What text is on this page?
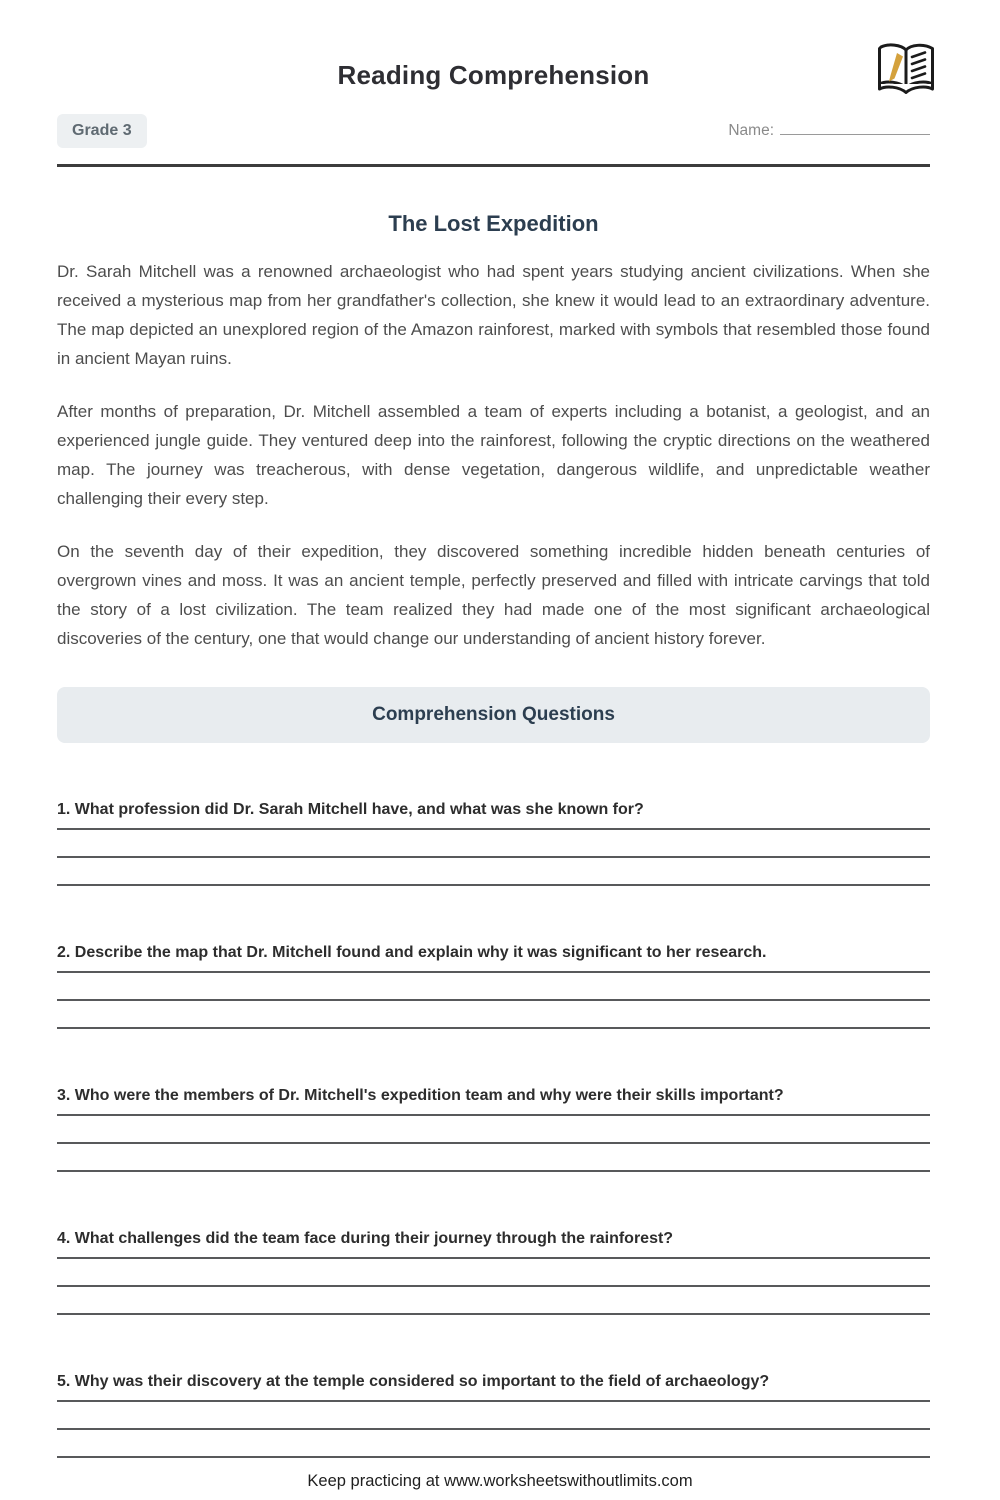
Reading Comprehension
Grade 3	Name:
The Lost Expedition

Dr. Sarah Mitchell was a renowned archaeologist who had spent years studying ancient civilizations. When she received a mysterious map from her grandfather's collection, she knew it would lead to an extraordinary adventure. The map depicted an unexplored region of the Amazon rainforest, marked with symbols that resembled those found in ancient Mayan ruins.

After months of preparation, Dr. Mitchell assembled a team of experts including a botanist, a geologist, and an experienced jungle guide. They ventured deep into the rainforest, following the cryptic directions on the weathered map. The journey was treacherous, with dense vegetation, dangerous wildlife, and unpredictable weather challenging their every step.

On the seventh day of their expedition, they discovered something incredible hidden beneath centuries of overgrown vines and moss. It was an ancient temple, perfectly preserved and filled with intricate carvings that told the story of a lost civilization. The team realized they had made one of the most significant archaeological discoveries of the century, one that would change our understanding of ancient history forever.

Comprehension Questions
1. What profession did Dr. Sarah Mitchell have, and what was she known for?
2. Describe the map that Dr. Mitchell found and explain why it was significant to her research.
3. Who were the members of Dr. Mitchell's expedition team and why were their skills important?
4. What challenges did the team face during their journey through the rainforest?
5. Why was their discovery at the temple considered so important to the field of archaeology?
Keep practicing at www.worksheetswithoutlimits.com
